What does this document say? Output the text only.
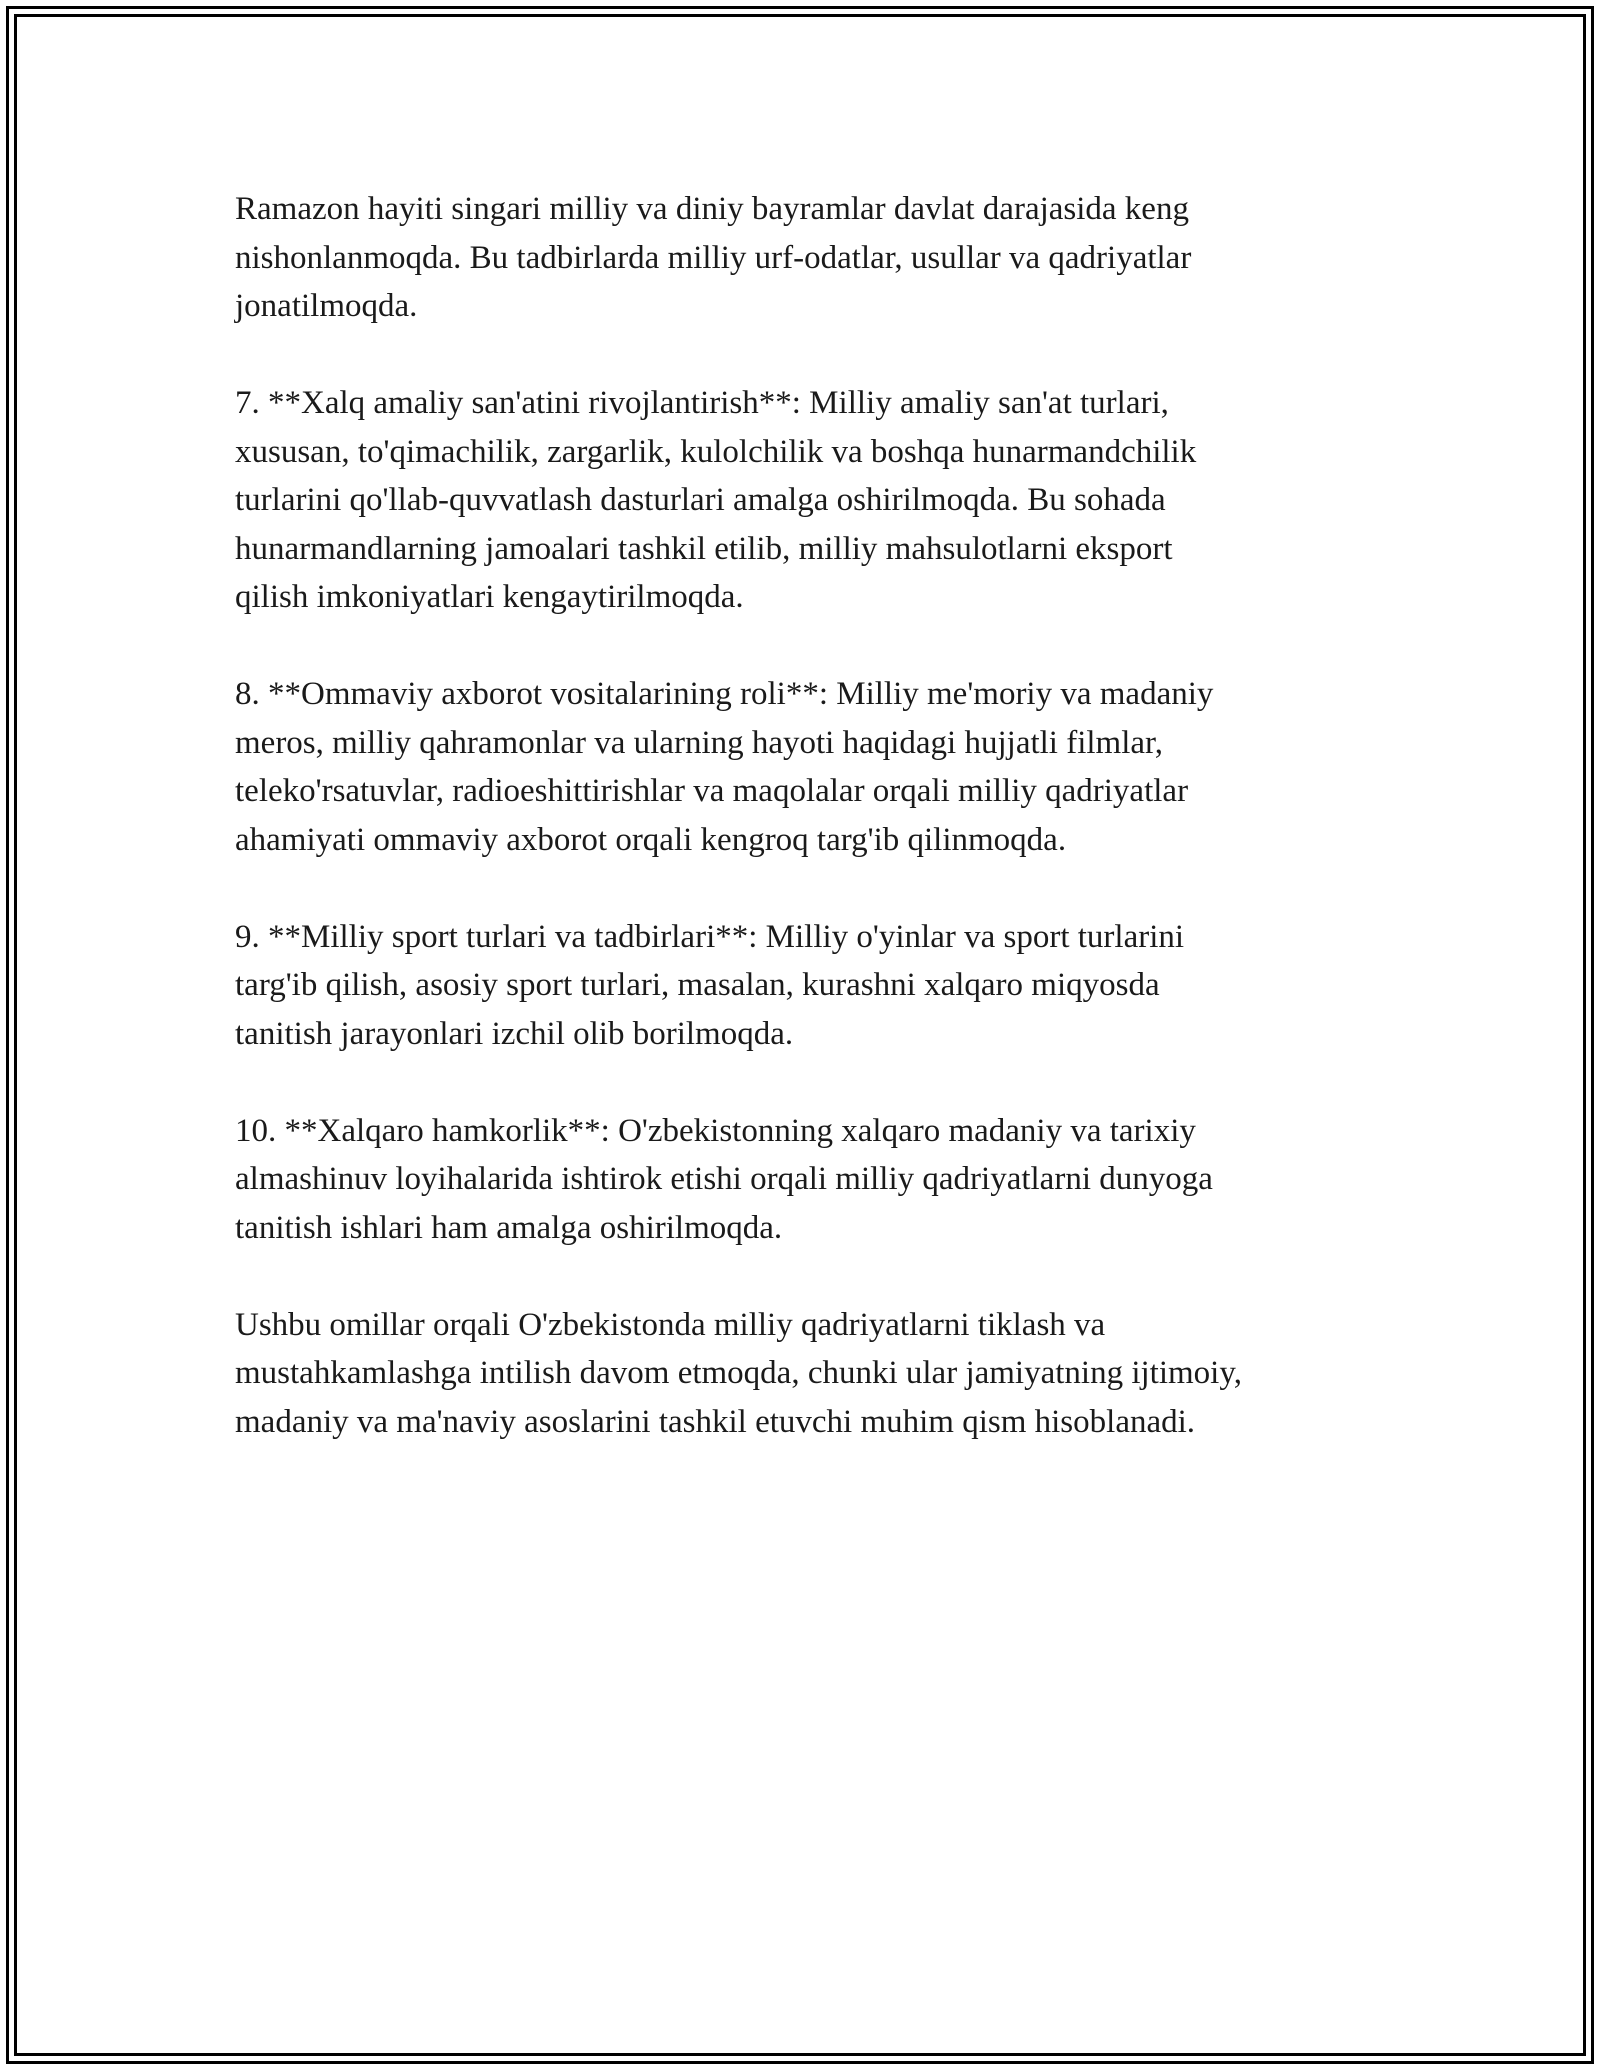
Ramazon hayiti singari milliy va diniy bayramlar davlat darajasida keng
nishonlanmoqda. Bu tadbirlarda milliy urf-odatlar, usullar va qadriyatlar
jonatilmoqda.

7. **Xalq amaliy san'atini rivojlantirish**: Milliy amaliy san'at turlari,
xususan, to'qimachilik, zargarlik, kulolchilik va boshqa hunarmandchilik
turlarini qo'llab-quvvatlash dasturlari amalga oshirilmoqda. Bu sohada
hunarmandlarning jamoalari tashkil etilib, milliy mahsulotlarni eksport
qilish imkoniyatlari kengaytirilmoqda.

8. **Ommaviy axborot vositalarining roli**: Milliy me'moriy va madaniy
meros, milliy qahramonlar va ularning hayoti haqidagi hujjatli filmlar,
teleko'rsatuvlar, radioeshittirishlar va maqolalar orqali milliy qadriyatlar
ahamiyati ommaviy axborot orqali kengroq targ'ib qilinmoqda.

9. **Milliy sport turlari va tadbirlari**: Milliy o'yinlar va sport turlarini
targ'ib qilish, asosiy sport turlari, masalan, kurashni xalqaro miqyosda
tanitish jarayonlari izchil olib borilmoqda.

10. **Xalqaro hamkorlik**: O'zbekistonning xalqaro madaniy va tarixiy
almashinuv loyihalarida ishtirok etishi orqali milliy qadriyatlarni dunyoga
tanitish ishlari ham amalga oshirilmoqda.

Ushbu omillar orqali O'zbekistonda milliy qadriyatlarni tiklash va
mustahkamlashga intilish davom etmoqda, chunki ular jamiyatning ijtimoiy,
madaniy va ma'naviy asoslarini tashkil etuvchi muhim qism hisoblanadi.
